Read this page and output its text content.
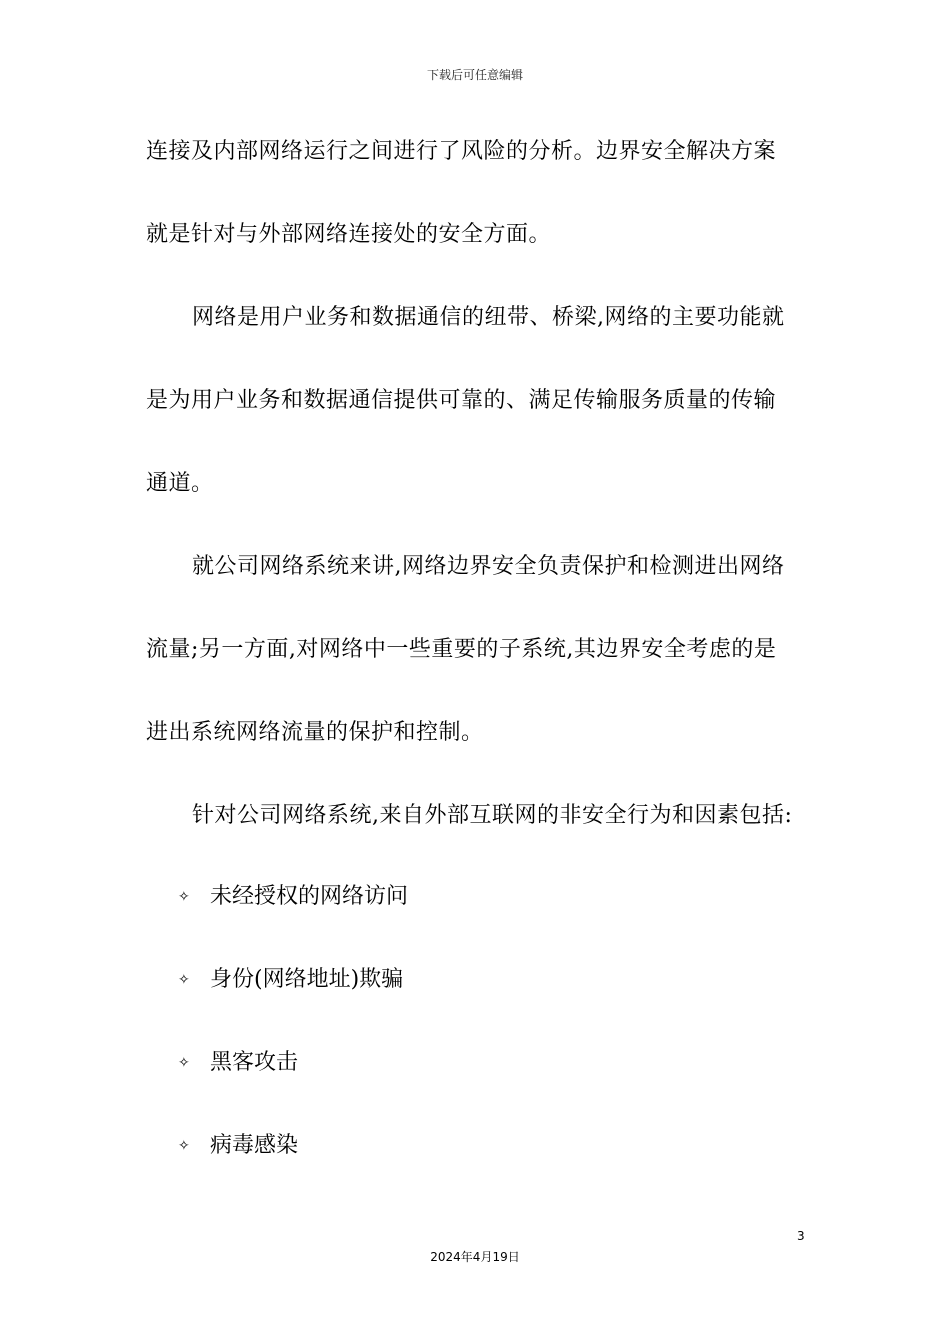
下载后可任意编辑
连接及内部网络运行之间进行了风险的分析。边界安全解决方案
就是针对与外部网络连接处的安全方面。
网络是用户业务和数据通信的纽带、桥梁,网络的主要功能就
是为用户业务和数据通信提供可靠的、满足传输服务质量的传输
通道。
就公司网络系统来讲,网络边界安全负责保护和检测进出网络
流量;另一方面,对网络中一些重要的子系统,其边界安全考虑的是
进出系统网络流量的保护和控制。
针对公司网络系统,来自外部互联网的非安全行为和因素包括:
✧ 未经授权的网络访问
✧ 身份(网络地址)欺骗
✧ 黑客攻击
✧ 病毒感染
3
2024年4月19日
